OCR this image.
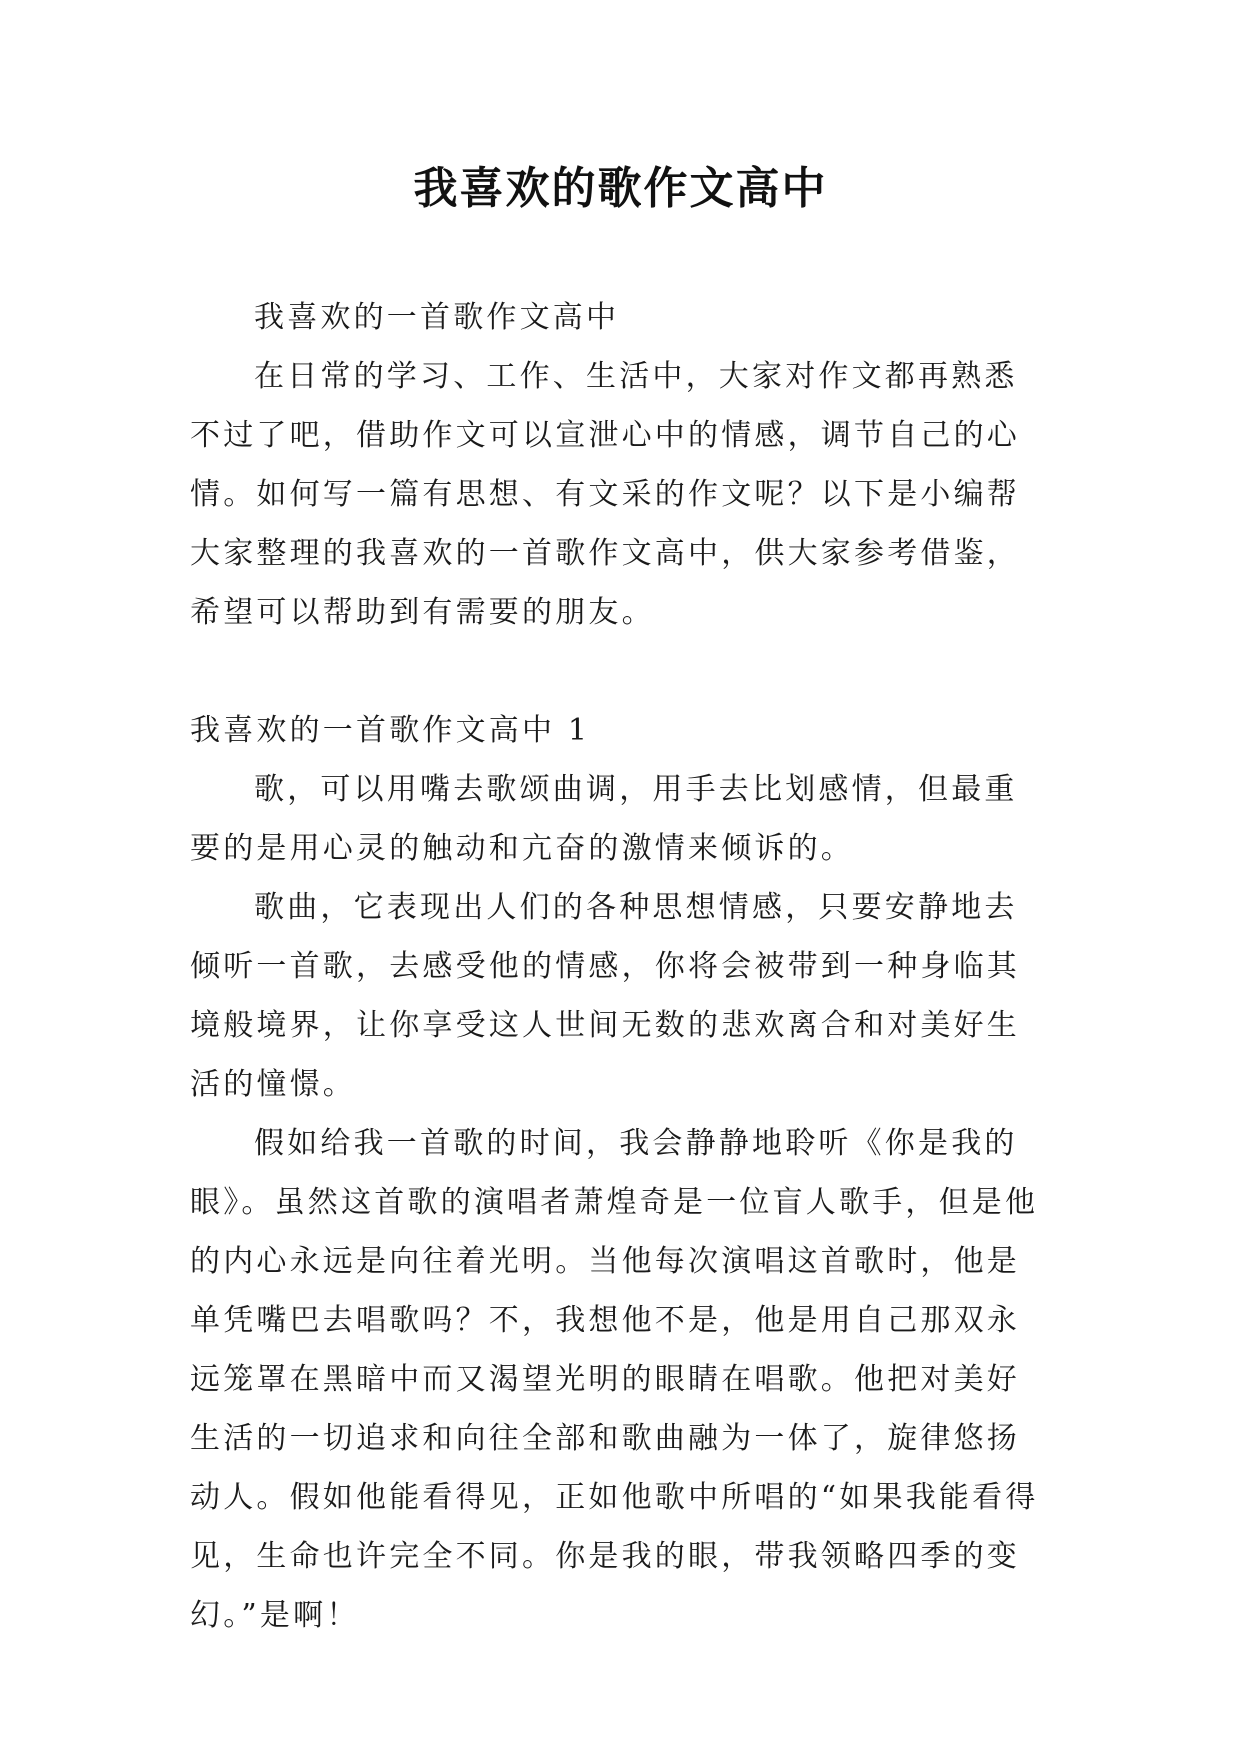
我喜欢的歌作文高中

我喜欢的一首歌作文高中

在日常的学习、工作、生活中，大家对作文都再熟悉不过了吧，借助作文可以宣泄心中的情感，调节自己的心情。如何写一篇有思想、有文采的作文呢？以下是小编帮大家整理的我喜欢的一首歌作文高中，供大家参考借鉴，希望可以帮助到有需要的朋友。

我喜欢的一首歌作文高中 1

歌，可以用嘴去歌颂曲调，用手去比划感情，但最重要的是用心灵的触动和亢奋的激情来倾诉的。

歌曲，它表现出人们的各种思想情感，只要安静地去倾听一首歌，去感受他的情感，你将会被带到一种身临其境般境界，让你享受这人世间无数的悲欢离合和对美好生活的憧憬。

假如给我一首歌的时间，我会静静地聆听《你是我的眼》。虽然这首歌的演唱者萧煌奇是一位盲人歌手，但是他的内心永远是向往着光明。当他每次演唱这首歌时，他是单凭嘴巴去唱歌吗？不，我想他不是，他是用自己那双永远笼罩在黑暗中而又渴望光明的眼睛在唱歌。他把对美好生活的一切追求和向往全部和歌曲融为一体了，旋律悠扬动人。假如他能看得见，正如他歌中所唱的“如果我能看得见，生命也许完全不同。你是我的眼，带我领略四季的变幻。”是啊！
